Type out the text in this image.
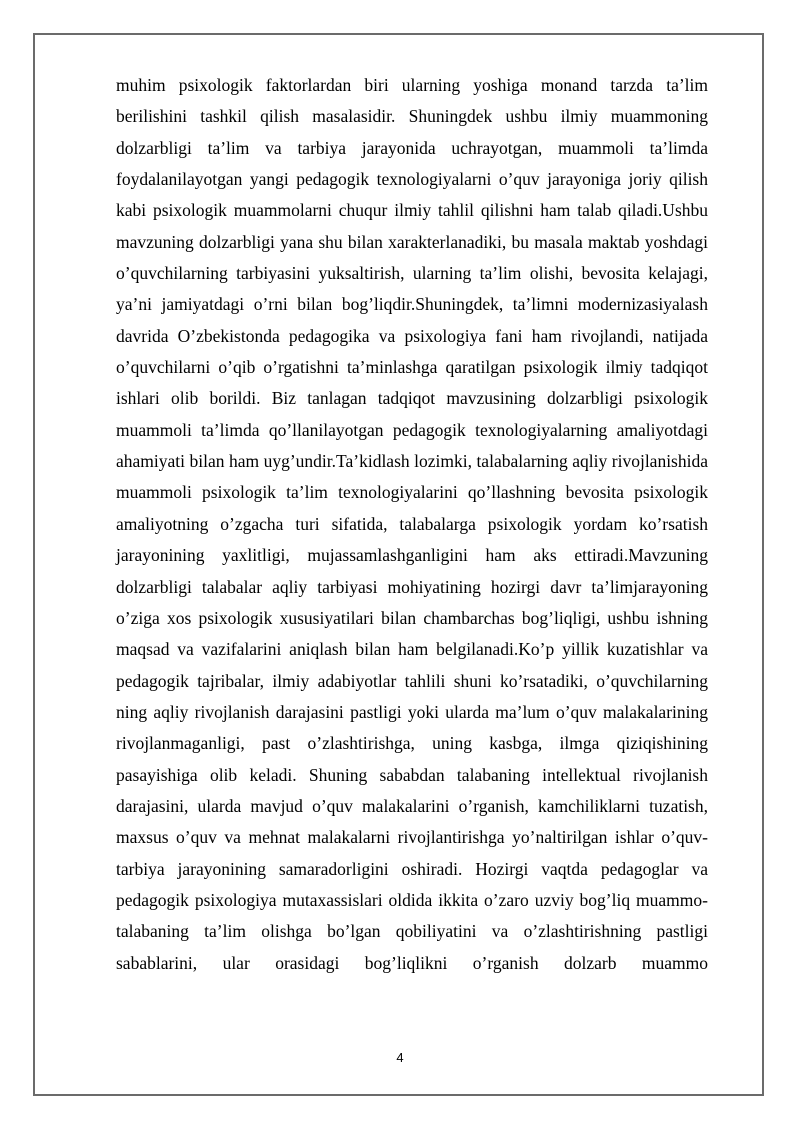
muhim psixologik faktorlardan biri ularning yoshiga monand tarzda ta’lim berilishini tashkil qilish masalasidir. Shuningdek ushbu ilmiy muammoning dolzarbligi ta’lim va tarbiya jarayonida uchrayotgan, muammoli ta’limda foydalanilayotgan yangi pedagogik texnologiyalarni o’quv jarayoniga joriy qilish kabi psixologik muammolarni chuqur ilmiy tahlil qilishni ham talab qiladi.Ushbu mavzuning dolzarbligi yana shu bilan xarakterlanadiki, bu masala maktab yoshdagi o’quvchilarning tarbiyasini yuksaltirish, ularning ta’lim olishi, bevosita kelajagi, ya’ni jamiyatdagi o’rni bilan bog’liqdir.Shuningdek, ta’limni modernizasiyalash davrida O’zbekistonda pedagogika va psixologiya fani ham rivojlandi, natijada o’quvchilarni o’qib o’rgatishni ta’minlashga qaratilgan psixologik ilmiy tadqiqot ishlari olib borildi. Biz tanlagan tadqiqot mavzusining dolzarbligi psixologik muammoli ta’limda qo’llanilayotgan pedagogik texnologiyalarning amaliyotdagi ahamiyati bilan ham uyg’undir.Ta’kidlash lozimki, talabalarning aqliy rivojlanishida muammoli psixologik ta’lim texnologiyalarini qo’llashning bevosita psixologik amaliyotning o’zgacha turi sifatida, talabalarga psixologik yordam ko’rsatish jarayonining yaxlitligi, mujassamlashganligini ham aks ettiradi.Mavzuning dolzarbligi talabalar aqliy tarbiyasi mohiyatining hozirgi davr ta’limjarayoning o’ziga xos psixologik xususiyatilari bilan chambarchas bog’liqligi, ushbu ishning maqsad va vazifalarini aniqlash bilan ham belgilanadi.Ko’p yillik kuzatishlar va pedagogik tajribalar, ilmiy adabiyotlar tahlili shuni ko’rsatadiki, o’quvchilarning ning aqliy rivojlanish darajasini pastligi yoki ularda ma’lum o’quv malakalarining rivojlanmaganligi, past o’zlashtirishga, uning kasbga, ilmga qiziqishining pasayishiga olib keladi. Shuning sababdan talabaning intellektual rivojlanish darajasini, ularda mavjud o’quv malakalarini o’rganish, kamchiliklarni tuzatish, maxsus o’quv va mehnat malakalarni rivojlantirishga yo’naltirilgan ishlar o’quv-tarbiya jarayonining samaradorligini oshiradi. Hozirgi vaqtda pedagoglar va pedagogik psixologiya mutaxassislari oldida ikkita o’zaro uzviy bog’liq muammo-talabaning ta’lim olishga bo’lgan qobiliyatini va o’zlashtirishning pastligi sabablarini, ular orasidagi bog’liqlikni o’rganish dolzarb muammo

4
